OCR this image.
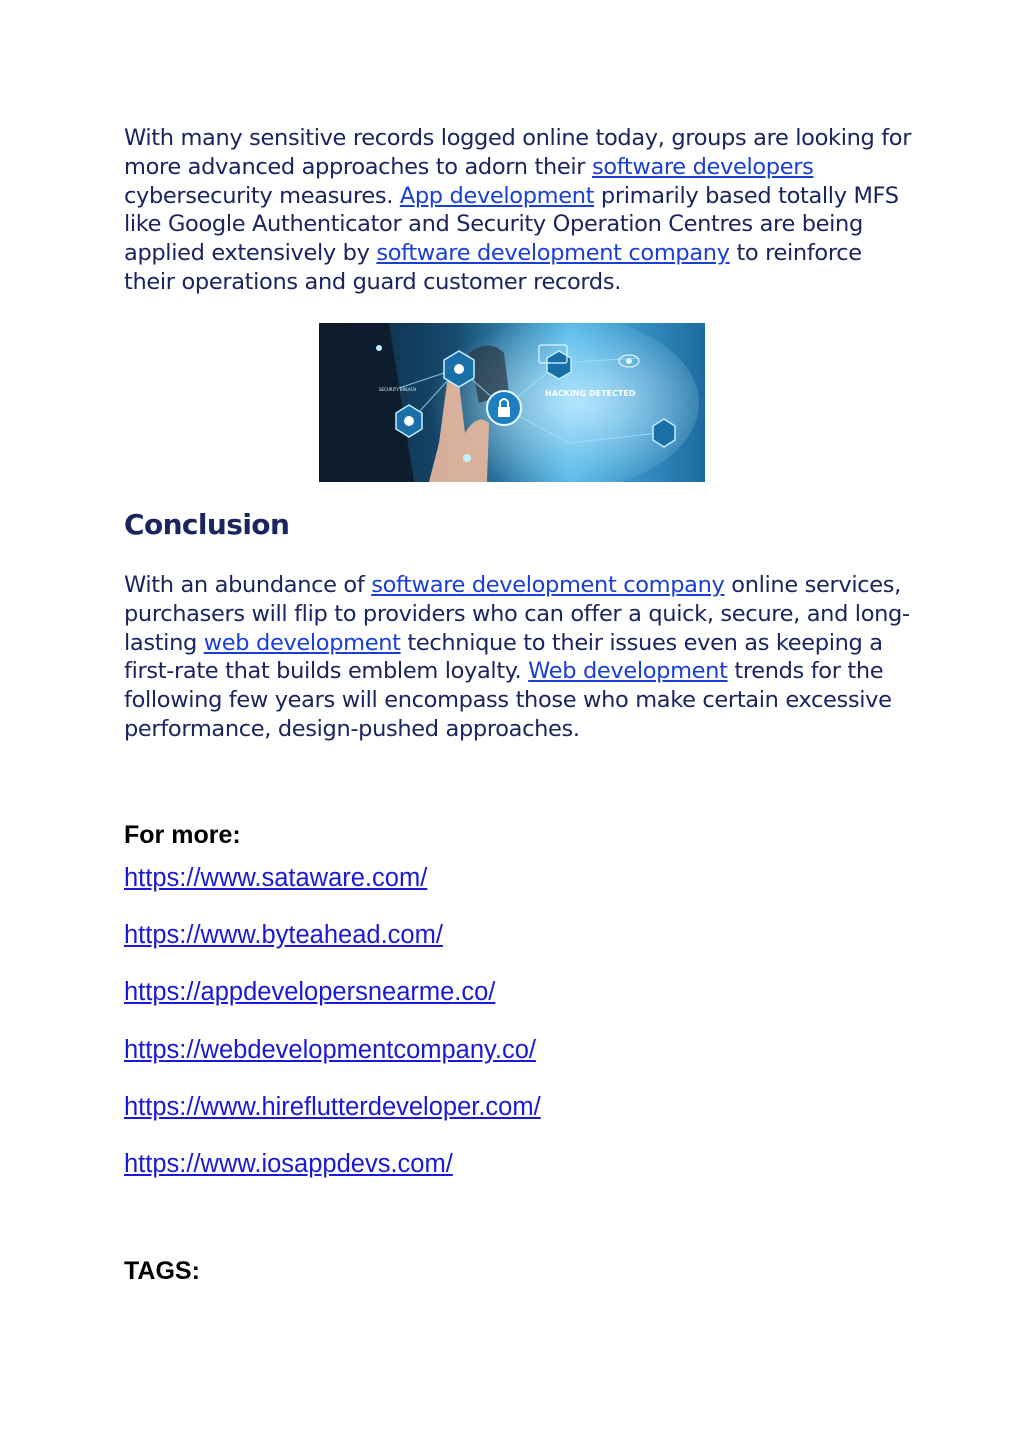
With many sensitive records logged online today, groups are looking for more advanced approaches to adorn their software developers cybersecurity measures. App development primarily based totally MFS like Google Authenticator and Security Operation Centres are being applied extensively by software development company to reinforce their operations and guard customer records.

SECURITY BREACH	HACKING DETECTED
Conclusion

With an abundance of software development company online services, purchasers will flip to providers who can offer a quick, secure, and long-lasting web development technique to their issues even as keeping a first-rate that builds emblem loyalty. Web development trends for the following few years will encompass those who make certain excessive performance, design-pushed approaches.

For more:
https://www.sataware.com/
https://www.byteahead.com/
https://appdevelopersnearme.co/
https://webdevelopmentcompany.co/
https://www.hireflutterdeveloper.com/
https://www.iosappdevs.com/
TAGS:
